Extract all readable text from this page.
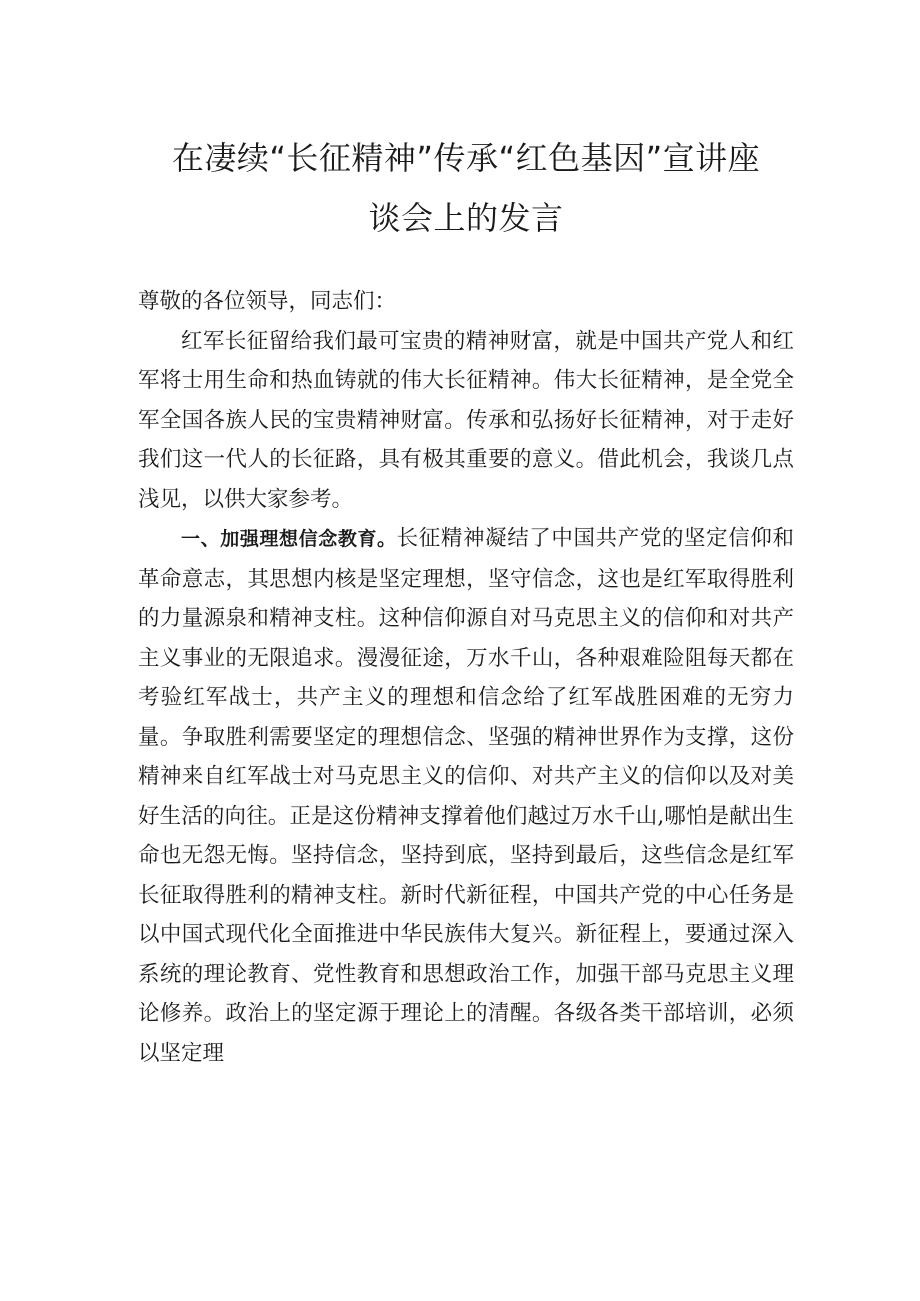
在凄续“长征精神”传承“红色基因”宣讲座
谈会上的发言

尊敬的各位领导，同志们：

红军长征留给我们最可宝贵的精神财富，就是中国共产党人和红军将士用生命和热血铸就的伟大长征精神。伟大长征精神，是全党全军全国各族人民的宝贵精神财富。传承和弘扬好长征精神，对于走好我们这一代人的长征路，具有极其重要的意义。借此机会，我谈几点浅见，以供大家参考。

一、加强理想信念教育。长征精神凝结了中国共产党的坚定信仰和革命意志，其思想内核是坚定理想，坚守信念，这也是红军取得胜利的力量源泉和精神支柱。这种信仰源自对马克思主义的信仰和对共产主义事业的无限追求。漫漫征途，万水千山，各种艰难险阻每天都在考验红军战士，共产主义的理想和信念给了红军战胜困难的无穷力量。争取胜利需要坚定的理想信念、坚强的精神世界作为支撑，这份精神来自红军战士对马克思主义的信仰、对共产主义的信仰以及对美好生活的向往。正是这份精神支撑着他们越过万水千山,哪怕是献出生命也无怨无悔。坚持信念，坚持到底，坚持到最后，这些信念是红军长征取得胜利的精神支柱。新时代新征程，中国共产党的中心任务是以中国式现代化全面推进中华民族伟大复兴。新征程上，要通过深入系统的理论教育、党性教育和思想政治工作，加强干部马克思主义理论修养。政治上的坚定源于理论上的清醒。各级各类干部培训，必须以坚定理
